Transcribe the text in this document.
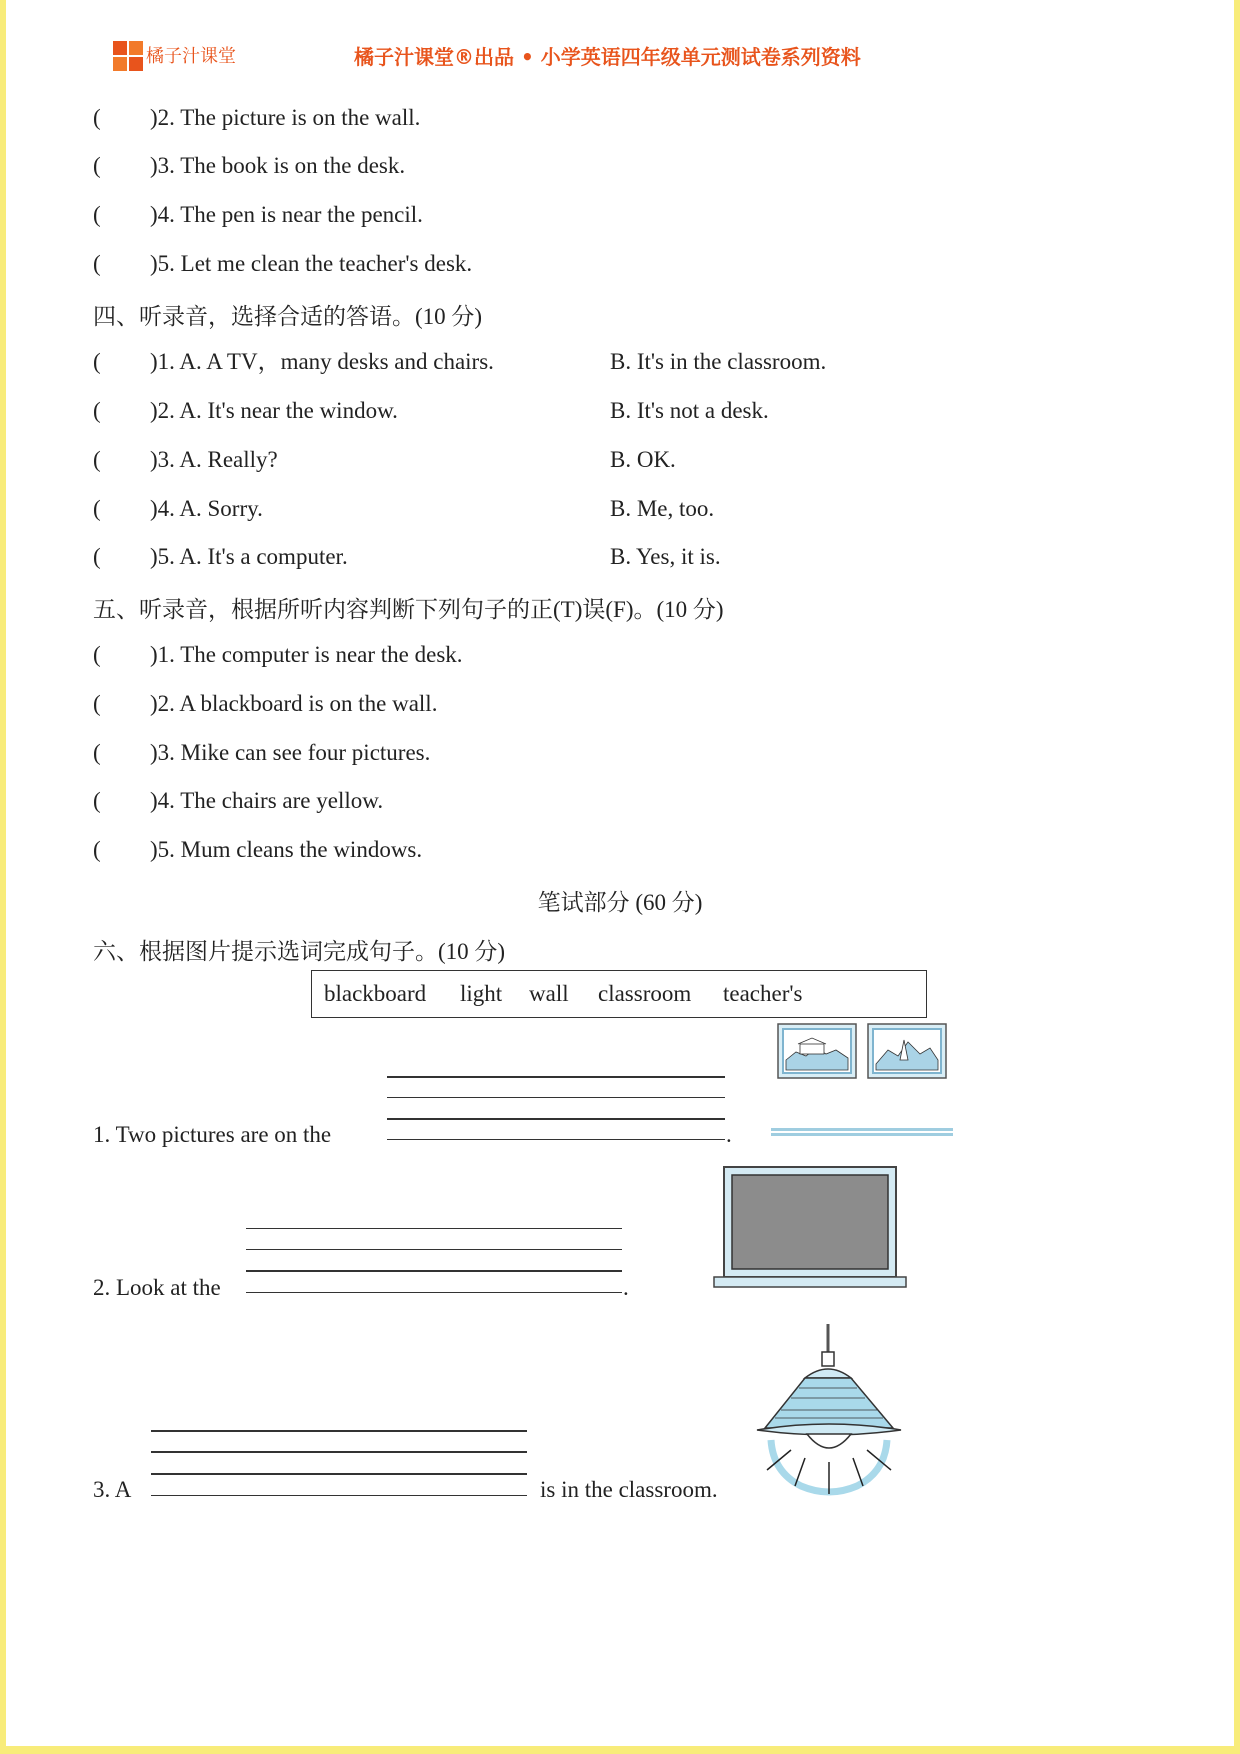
橘子汁课堂	橘子汁课堂®出品 • 小学英语四年级单元测试卷系列资料
( )2. The picture is on the wall.
( )3. The book is on the desk.
( )4. The pen is near the pencil.
( )5. Let me clean the teacher's desk.
四、听录音，选择合适的答语。(10 分)
( )1. A. A TV，many desks and chairs.	B. It's in the classroom.
( )2. A. It's near the window.	B. It's not a desk.
( )3. A. Really?	B. OK.
( )4. A. Sorry.	B. Me, too.
( )5. A. It's a computer.	B. Yes, it is.
五、听录音，根据所听内容判断下列句子的正(T)误(F)。(10 分)
( )1. The computer is near the desk.
( )2. A blackboard is on the wall.
( )3. Mike can see four pictures.
( )4. The chairs are yellow.
( )5. Mum cleans the windows.
笔试部分 (60 分)
六、根据图片提示选词完成句子。(10 分)
blackboard light wall classroom teacher's
1. Two pictures are on the	.
2. Look at the	.
3. A	is in the classroom.
